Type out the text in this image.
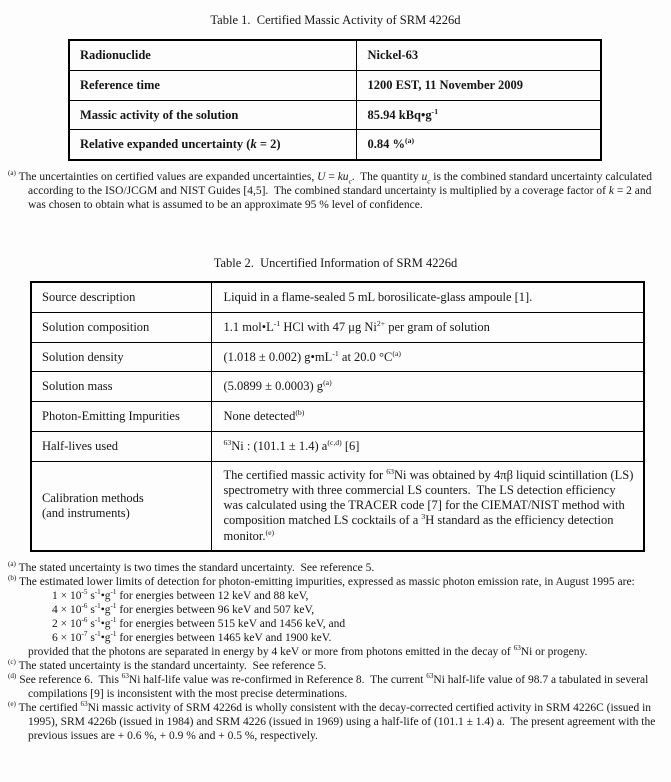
Table 1.  Certified Massic Activity of SRM 4226d
Radionuclide	Nickel-63
Reference time	1200 EST, 11 November 2009
Massic activity of the solution	85.94 $kBq•g^{-1}$
Relative expanded uncertainty (k = 2)	0.84 %$^{(a)}$
$^{(a)}$ The uncertainties on certified values are expanded uncertainties, $U = ku_c$.  The quantity $u_c$ is the combined standard uncertainty calculated according to the ISO/JCGM and NIST Guides [4,5].  The combined standard uncertainty is multiplied by a coverage factor of k = 2 and was chosen to obtain what is assumed to be an approximate 95 % level of confidence.
Table 2.  Uncertified Information of SRM 4226d
Source description	Liquid in a flame-sealed 5 mL borosilicate-glass ampoule [1].
Solution composition	1.1 $mol•L^{-1}$ HCl with 47 μg $Ni^{2+}$ per gram of solution
Solution density	(1.018 ± 0.002) $g•mL^{-1}$ at 20.0 $^\circ C^{(a)}$
Solution mass	(5.0899 ± 0.0003) $g^{(a)}$
Photon-Emitting Impurities	None detected$^{(b)}$
Half-lives used	$^{63}$Ni : (101.1 ± 1.4) $a^{(c,d)}$ [6]
Calibration methods
(and instruments)	The certified massic activity for $^{63}$Ni was obtained by 4πβ liquid scintillation (LS) spectrometry with three commercial LS counters.  The LS detection efficiency was calculated using the TRACER code [7] for the CIEMAT/NIST method with composition matched LS cocktails of a $^3$H standard as the efficiency detection monitor.$^{(e)}$
$^{(a)}$ The stated uncertainty is two times the standard uncertainty.  See reference 5.
$^{(b)}$ The estimated lower limits of detection for photon-emitting impurities, expressed as massic photon emission rate, in August 1995 are:
$1 \times 10^{-5}$ $s^{-1}•g^{-1}$ for energies between 12 keV and 88 keV,
$4 \times 10^{-6}$ $s^{-1}•g^{-1}$ for energies between 96 keV and 507 keV,
$2 \times 10^{-6}$ $s^{-1}•g^{-1}$ for energies between 515 keV and 1456 keV, and
$6 \times 10^{-7}$ $s^{-1}•g^{-1}$ for energies between 1465 keV and 1900 keV.
provided that the photons are separated in energy by 4 keV or more from photons emitted in the decay of $^{63}$Ni or progeny.
$^{(c)}$ The stated uncertainty is the standard uncertainty.  See reference 5.
$^{(d)}$ See reference 6.  This $^{63}$Ni half-life value was re-confirmed in Reference 8.  The current $^{63}$Ni half-life value of 98.7 a tabulated in several compilations [9] is inconsistent with the most precise determinations.
$^{(e)}$ The certified $^{63}$Ni massic activity of SRM 4226d is wholly consistent with the decay-corrected certified activity in SRM 4226C (issued in 1995), SRM 4226b (issued in 1984) and SRM 4226 (issued in 1969) using a half-life of (101.1 ± 1.4) a.  The present agreement with the previous issues are + 0.6 %, + 0.9 % and + 0.5 %, respectively.
